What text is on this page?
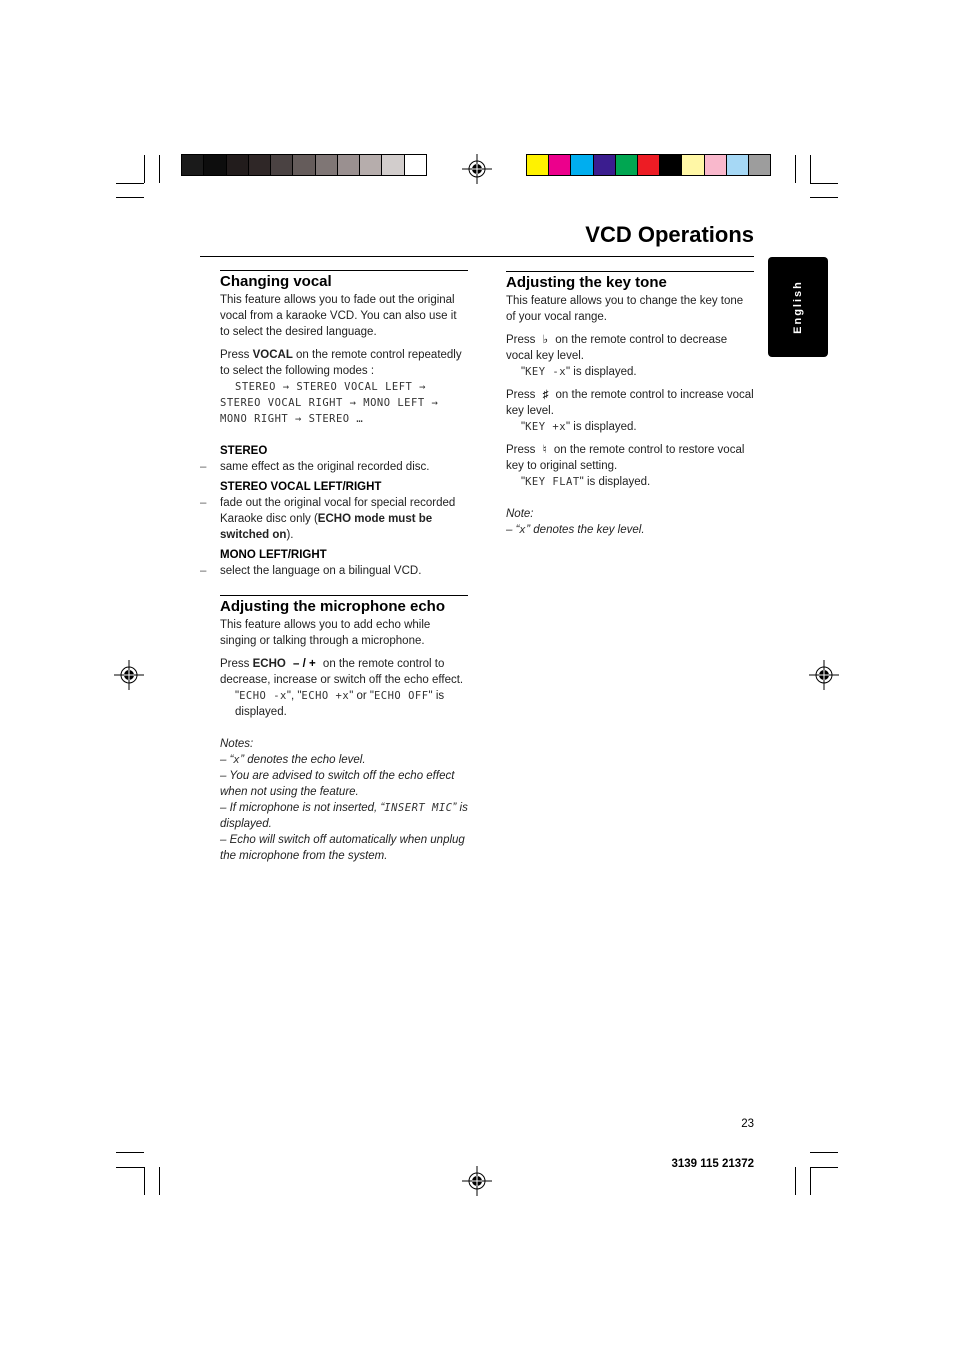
VCD Operations
English
Changing vocal

This feature allows you to fade out the original vocal from a karaoke VCD. You can also use it to select the desired language.

Press VOCAL on the remote control repeatedly to select the following modes :

STEREO → STEREO VOCAL LEFT →

STEREO VOCAL RIGHT → MONO LEFT →

MONO RIGHT → STEREO …

STEREO

– same effect as the original recorded disc.

STEREO VOCAL LEFT/RIGHT

– fade out the original vocal for special recorded Karaoke disc only (ECHO mode must be switched on).

MONO LEFT/RIGHT

– select the language on a bilingual VCD.

Adjusting the microphone echo

This feature allows you to add echo while singing or talking through a microphone.

Press ECHO – / + on the remote control to decrease, increase or switch off the echo effect.

"ECHO -x", "ECHO +x" or "ECHO OFF" is displayed.

Notes:

– “x” denotes the echo level.

– You are advised to switch off the echo effect when not using the feature.

– If microphone is not inserted, “INSERT MIC” is displayed.

– Echo will switch off automatically when unplug the microphone from the system.

Adjusting the key tone

This feature allows you to change the key tone of your vocal range.

Press ♭ on the remote control to decrease vocal key level.

"KEY -x" is displayed.

Press ♯ on the remote control to increase vocal key level.

"KEY +x" is displayed.

Press ♮ on the remote control to restore vocal key to original setting.

"KEY FLAT" is displayed.

Note:

– “x” denotes the key level.

23
3139 115 21372
